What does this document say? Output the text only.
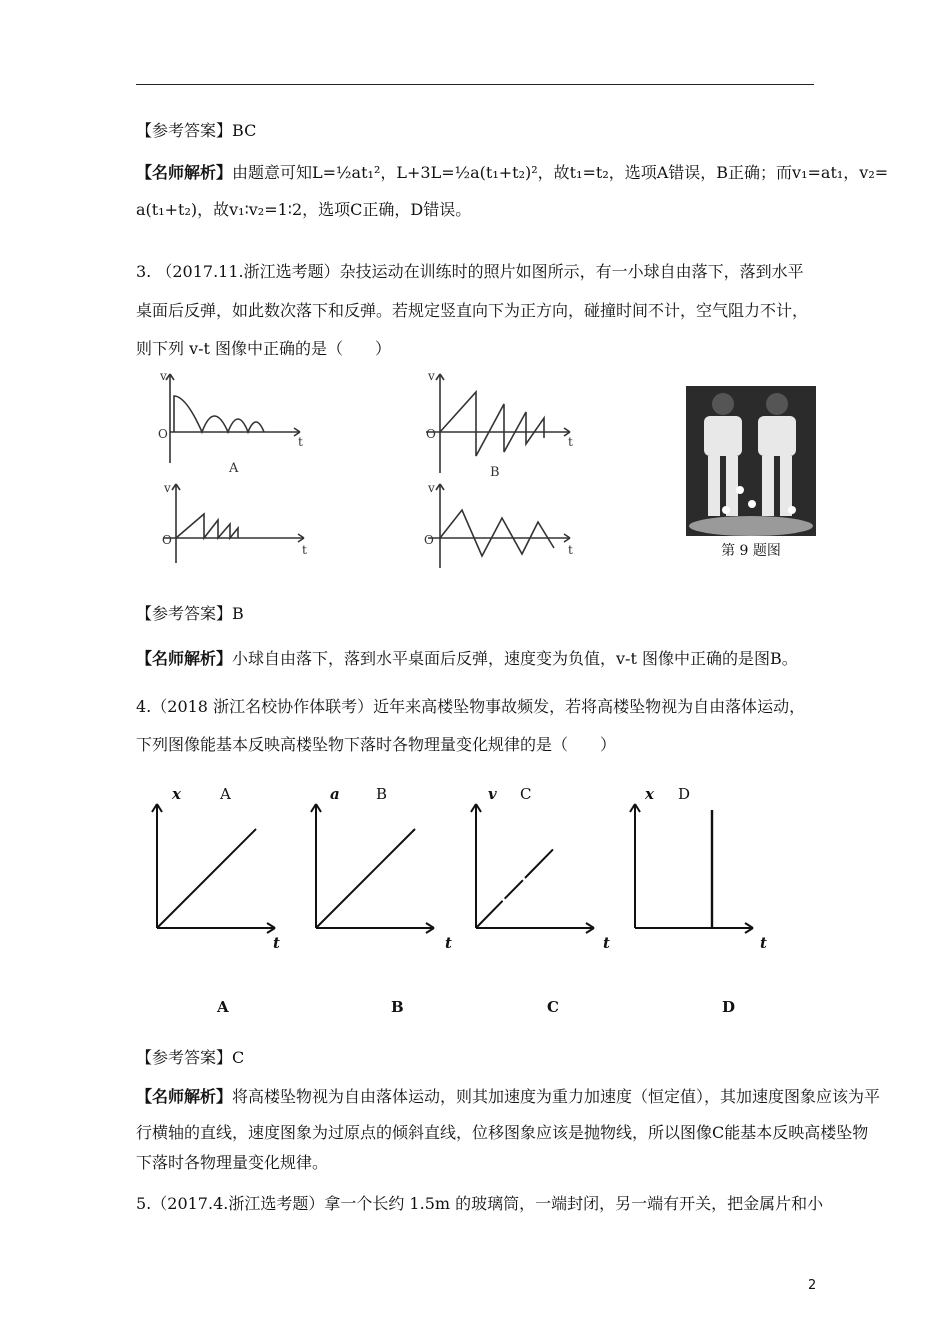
【参考答案】BC
【名师解析】由题意可知L=½at₁²，L+3L=½a(t₁+t₂)²，故t₁=t₂，选项A错误，B正确；而v₁=at₁，v₂=
a(t₁+t₂)，故v₁∶v₂=1∶2，选项C正确，D错误。
3. （2017.11.浙江选考题）杂技运动在训练时的照片如图所示，有一小球自由落下，落到水平
桌面后反弹，如此数次落下和反弹。若规定竖直向下为正方向，碰撞时间不计，空气阻力不计，
则下列 v-t 图像中正确的是（　　）
v
O
t
A
v
O
t
B
v
O
t
v
O
t	第 9 题图
【参考答案】B
【名师解析】小球自由落下，落到水平桌面后反弹，速度变为负值，v-t 图像中正确的是图B。
4.（2018 浙江名校协作体联考）近年来高楼坠物事故频发，若将高楼坠物视为自由落体运动，
下列图像能基本反映高楼坠物下落时各物理量变化规律的是（　　）
x	A
t
A
a B
t
B
v C
t
C
x D
t
D
【参考答案】C
【名师解析】将高楼坠物视为自由落体运动，则其加速度为重力加速度（恒定值），其加速度图象应该为平
行横轴的直线，速度图象为过原点的倾斜直线，位移图象应该是抛物线，所以图像C能基本反映高楼坠物
下落时各物理量变化规律。
5.（2017.4.浙江选考题）拿一个长约 1.5m 的玻璃筒，一端封闭，另一端有开关，把金属片和小
2
